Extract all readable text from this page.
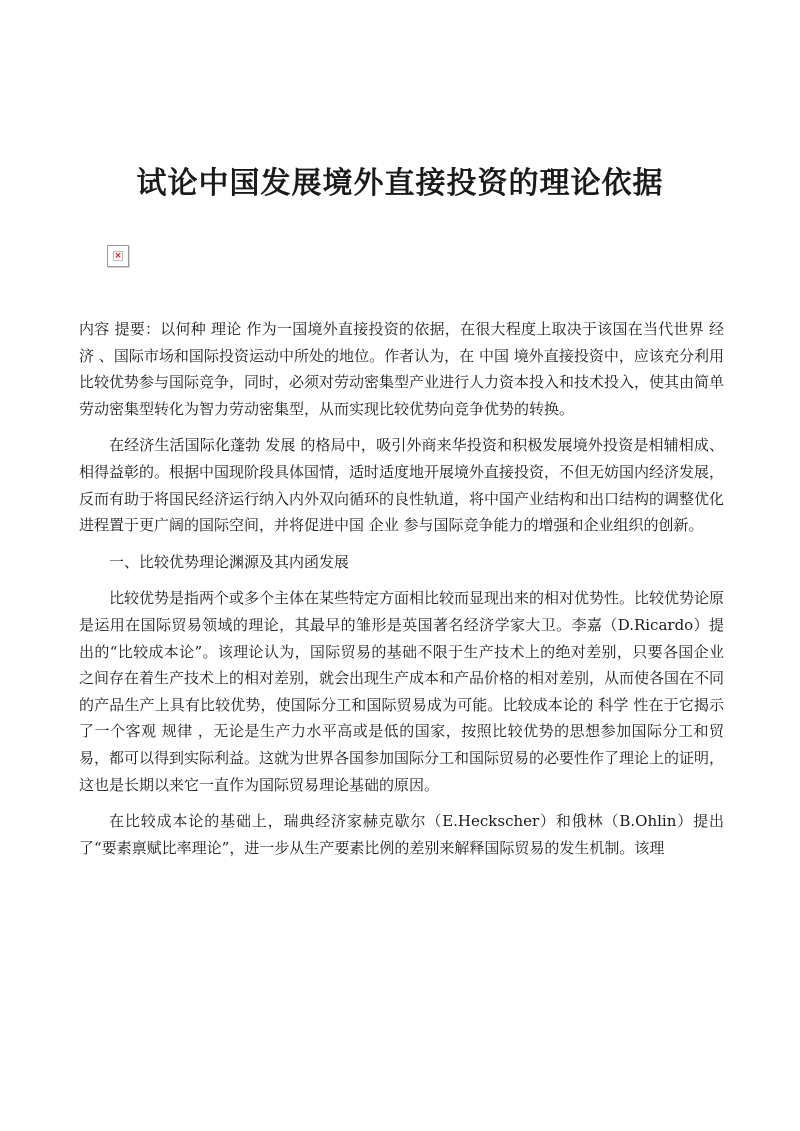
试论中国发展境外直接投资的理论依据
×

内容 提要：以何种 理论 作为一国境外直接投资的依据，在很大程度上取决于该国在当代世界 经济 、国际市场和国际投资运动中所处的地位。作者认为，在 中国 境外直接投资中，应该充分利用比较优势参与国际竞争，同时，必须对劳动密集型产业进行人力资本投入和技术投入，使其由简单劳动密集型转化为智力劳动密集型，从而实现比较优势向竞争优势的转换。

在经济生活国际化蓬勃 发展 的格局中，吸引外商来华投资和积极发展境外投资是相辅相成、相得益彰的。根据中国现阶段具体国情，适时适度地开展境外直接投资，不但无妨国内经济发展，反而有助于将国民经济运行纳入内外双向循环的良性轨道，将中国产业结构和出口结构的调整优化进程置于更广阔的国际空间，并将促进中国 企业 参与国际竞争能力的增强和企业组织的创新。

一、比较优势理论渊源及其内函发展

比较优势是指两个或多个主体在某些特定方面相比较而显现出来的相对优势性。比较优势论原是运用在国际贸易领域的理论，其最早的雏形是英国著名经济学家大卫。李嘉（D.Ricardo）提出的“比较成本论”。该理论认为，国际贸易的基础不限于生产技术上的绝对差别，只要各国企业之间存在着生产技术上的相对差别，就会出现生产成本和产品价格的相对差别，从而使各国在不同的产品生产上具有比较优势，使国际分工和国际贸易成为可能。比较成本论的 科学 性在于它揭示了一个客观 规律 ，无论是生产力水平高或是低的国家，按照比较优势的思想参加国际分工和贸易，都可以得到实际利益。这就为世界各国参加国际分工和国际贸易的必要性作了理论上的证明，这也是长期以来它一直作为国际贸易理论基础的原因。

在比较成本论的基础上，瑞典经济家赫克歇尔（E.Heckscher）和俄林（B.Ohlin）提出了“要素禀赋比率理论”，进一步从生产要素比例的差别来解释国际贸易的发生机制。该理
